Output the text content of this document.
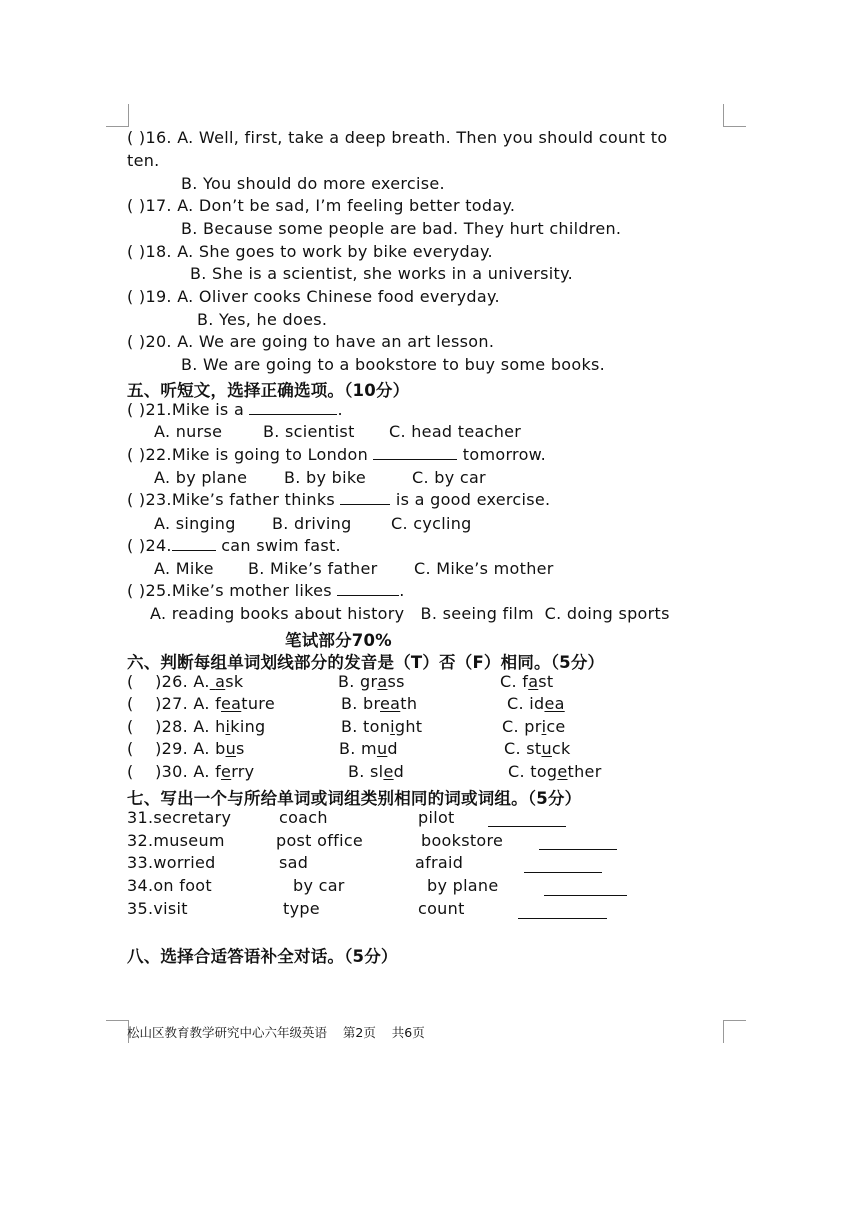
( )16. A. Well, first, take a deep breath. Then you should count to
ten.
B. You should do more exercise.
( )17. A. Don’t be sad, I’m feeling better today.
B. Because some people are bad. They hurt children.
( )18. A. She goes to work by bike everyday.
B. She is a scientist, she works in a university.
( )19. A. Oliver cooks Chinese food everyday.
B. Yes, he does.
( )20. A. We are going to have an art lesson.
B. We are going to a bookstore to buy some books.
五、听短文，选择正确选项。（10分）
( )21.Mike is a	.
A. nurse	B. scientist C. head teacher
( )22.Mike is going to London	tomorrow.
A. by plane B. by bike	C. by car
( )23.Mike’s father thinks	is a good exercise.
A. singing B. driving C. cycling
( )24.	can swim fast.
A. Mike B. Mike’s father C. Mike’s mother
( )25.Mike’s mother likes	.
A. reading books about history   B. seeing film  C. doing sports
笔试部分70%
六、判断每组单词划线部分的发音是（T）否（F）相同。（5分）
(    )26. A. ask	B. grass	C. fast
(    )27. A. feature	B. breath	C. idea
(    )28. A. hiking	B. tonight	C. price
(    )29. A. bus	B. mud	C. stuck
(    )30. A. ferry	B. sled	C. together
七、写出一个与所给单词或词组类别相同的词或词组。（5分）
31.secretary	coach	pilot
32.museum	post office	bookstore
33.worried	sad	afraid
34.on foot	by car	by plane
35.visit	type	count
八、选择合适答语补全对话。（5分）
松山区教育教学研究中心六年级英语    第2页    共6页
